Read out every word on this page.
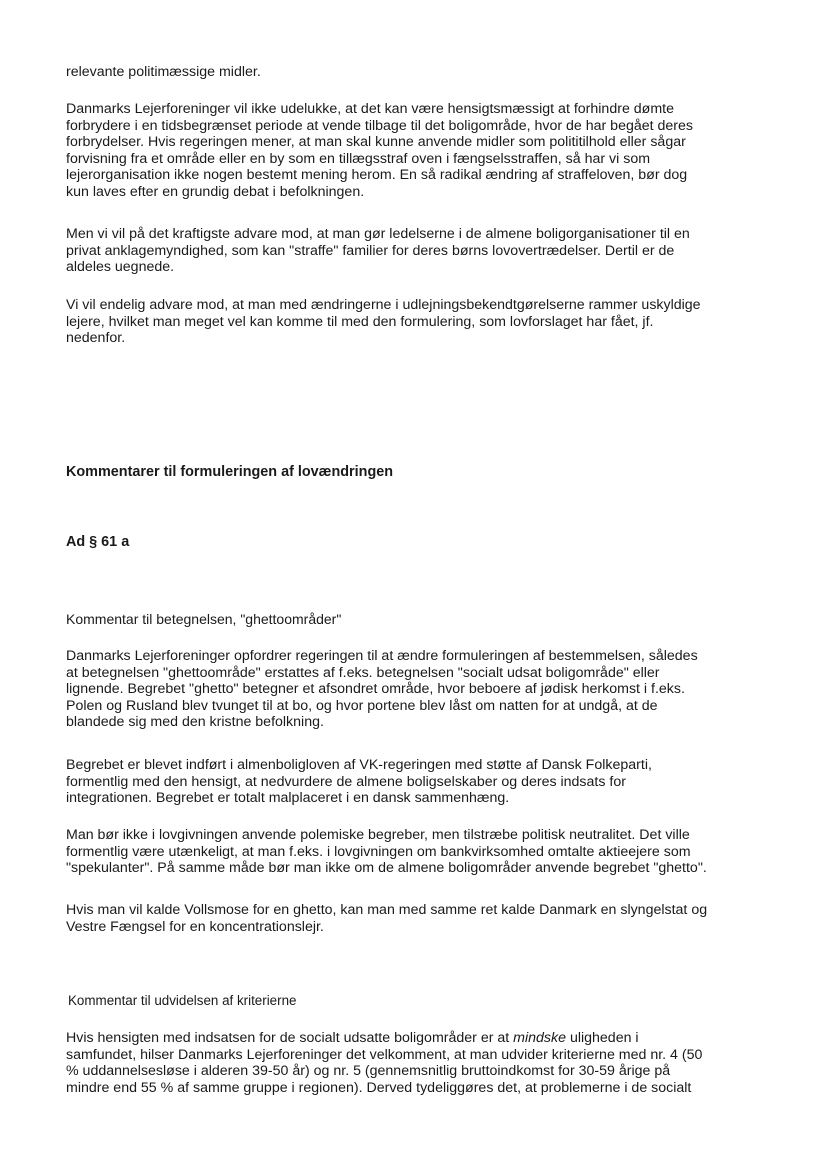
relevante politimæssige midler.
Danmarks Lejerforeninger vil ikke udelukke, at det kan være hensigtsmæssigt at forhindre dømte
forbrydere i en tidsbegrænset periode at vende tilbage til det boligområde, hvor de har begået deres
forbrydelser. Hvis regeringen mener, at man skal kunne anvende midler som polititilhold eller sågar
forvisning fra et område eller en by som en tillægsstraf oven i fængselsstraffen, så har vi som
lejerorganisation ikke nogen bestemt mening herom. En så radikal ændring af straffeloven, bør dog
kun laves efter en grundig debat i befolkningen.
Men vi vil på det kraftigste advare mod, at man gør ledelserne i de almene boligorganisationer til en
privat anklagemyndighed, som kan "straffe" familier for deres børns lovovertrædelser. Dertil er de
aldeles uegnede.
Vi vil endelig advare mod, at man med ændringerne i udlejningsbekendtgørelserne rammer uskyldige
lejere, hvilket man meget vel kan komme til med den formulering, som lovforslaget har fået, jf.
nedenfor.
Kommentarer til formuleringen af lovændringen
Ad § 61 a
Kommentar til betegnelsen, "ghettoområder"
Danmarks Lejerforeninger opfordrer regeringen til at ændre formuleringen af bestemmelsen, således
at betegnelsen "ghettoområde" erstattes af f.eks. betegnelsen "socialt udsat boligområde" eller
lignende. Begrebet "ghetto" betegner et afsondret område, hvor beboere af jødisk herkomst i f.eks.
Polen og Rusland blev tvunget til at bo, og hvor portene blev låst om natten for at undgå, at de
blandede sig med den kristne befolkning.
Begrebet er blevet indført i almenboligloven af VK-regeringen med støtte af Dansk Folkeparti,
formentlig med den hensigt, at nedvurdere de almene boligselskaber og deres indsats for
integrationen. Begrebet er totalt malplaceret i en dansk sammenhæng.
Man bør ikke i lovgivningen anvende polemiske begreber, men tilstræbe politisk neutralitet. Det ville
formentlig være utænkeligt, at man f.eks. i lovgivningen om bankvirksomhed omtalte aktieejere som
"spekulanter". På samme måde bør man ikke om de almene boligområder anvende begrebet "ghetto".
Hvis man vil kalde Vollsmose for en ghetto, kan man med samme ret kalde Danmark en slyngelstat og
Vestre Fængsel for en koncentrationslejr.
Kommentar til udvidelsen af kriterierne
Hvis hensigten med indsatsen for de socialt udsatte boligområder er at mindske uligheden i
samfundet, hilser Danmarks Lejerforeninger det velkomment, at man udvider kriterierne med nr. 4 (50
% uddannelsesløse i alderen 39-50 år) og nr. 5 (gennemsnitlig bruttoindkomst for 30-59 årige på
mindre end 55 % af samme gruppe i regionen). Derved tydeliggøres det, at problemerne i de socialt
